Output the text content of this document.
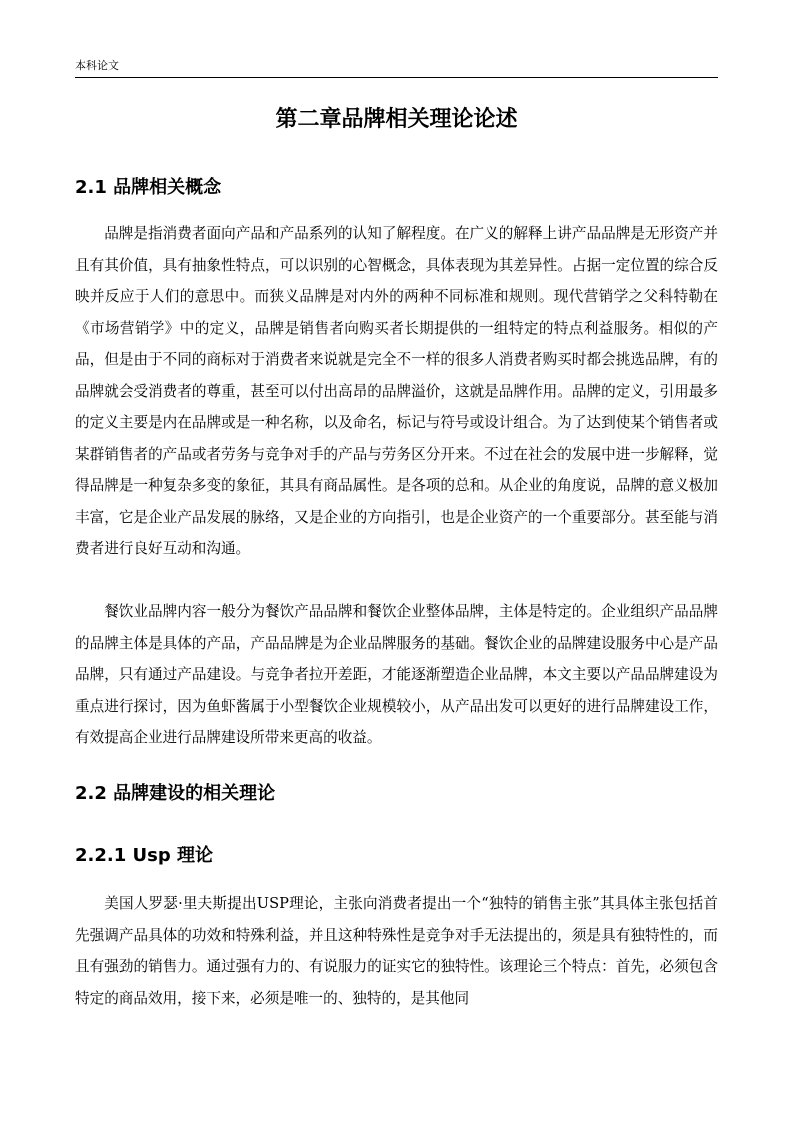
本科论文
第二章品牌相关理论论述
2.1 品牌相关概念
品牌是指消费者面向产品和产品系列的认知了解程度。在广义的解释上讲产品品牌是无形资产并且有其价值，具有抽象性特点，可以识别的心智概念，具体表现为其差异性。占据一定位置的综合反映并反应于人们的意思中。而狭义品牌是对内外的两种不同标准和规则。现代营销学之父科特勒在《市场营销学》中的定义，品牌是销售者向购买者长期提供的一组特定的特点利益服务。相似的产品，但是由于不同的商标对于消费者来说就是完全不一样的很多人消费者购买时都会挑选品牌，有的品牌就会受消费者的尊重，甚至可以付出高昂的品牌溢价，这就是品牌作用。品牌的定义，引用最多的定义主要是内在品牌或是一种名称，以及命名，标记与符号或设计组合。为了达到使某个销售者或某群销售者的产品或者劳务与竞争对手的产品与劳务区分开来。不过在社会的发展中进一步解释，觉得品牌是一种复杂多变的象征，其具有商品属性。是各项的总和。从企业的角度说，品牌的意义极加丰富，它是企业产品发展的脉络，又是企业的方向指引，也是企业资产的一个重要部分。甚至能与消费者进行良好互动和沟通。
餐饮业品牌内容一般分为餐饮产品品牌和餐饮企业整体品牌，主体是特定的。企业组织产品品牌的品牌主体是具体的产品，产品品牌是为企业品牌服务的基础。餐饮企业的品牌建设服务中心是产品品牌，只有通过产品建设。与竞争者拉开差距，才能逐渐塑造企业品牌，本文主要以产品品牌建设为重点进行探讨，因为鱼虾酱属于小型餐饮企业规模较小，从产品出发可以更好的进行品牌建设工作，有效提高企业进行品牌建设所带来更高的收益。
2.2 品牌建设的相关理论
2.2.1 Usp 理论
美国人罗瑟·里夫斯提出USP理论，主张向消费者提出一个“独特的销售主张”其具体主张包括首先强调产品具体的功效和特殊利益，并且这种特殊性是竞争对手无法提出的，须是具有独特性的，而且有强劲的销售力。通过强有力的、有说服力的证实它的独特性。该理论三个特点：首先，必须包含特定的商品效用，接下来，必须是唯一的、独特的，是其他同
